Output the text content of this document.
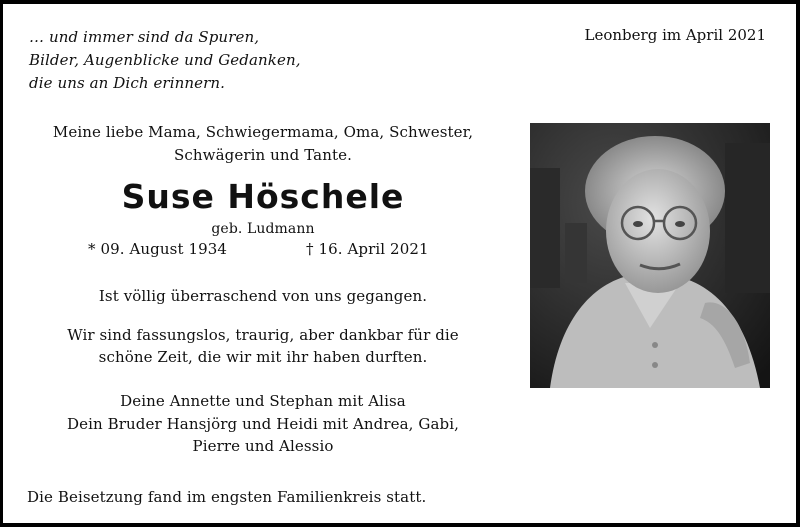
… und immer sind da Spuren,
Bilder, Augenblicke und Gedanken,
die uns an Dich erinnern.
Leonberg im April 2021
Meine liebe Mama, Schwiegermama, Oma, Schwester,
Schwägerin und Tante.
Suse Höschele
geb. Ludmann
* 09. August 1934	† 16. April 2021
Ist völlig überraschend von uns gegangen.
Wir sind fassungslos, traurig, aber dankbar für die
schöne Zeit, die wir mit ihr haben durften.
Deine Annette und Stephan mit Alisa
Dein Bruder Hansjörg und Heidi mit Andrea, Gabi,
Pierre und Alessio
Die Beisetzung fand im engsten Familienkreis statt.
